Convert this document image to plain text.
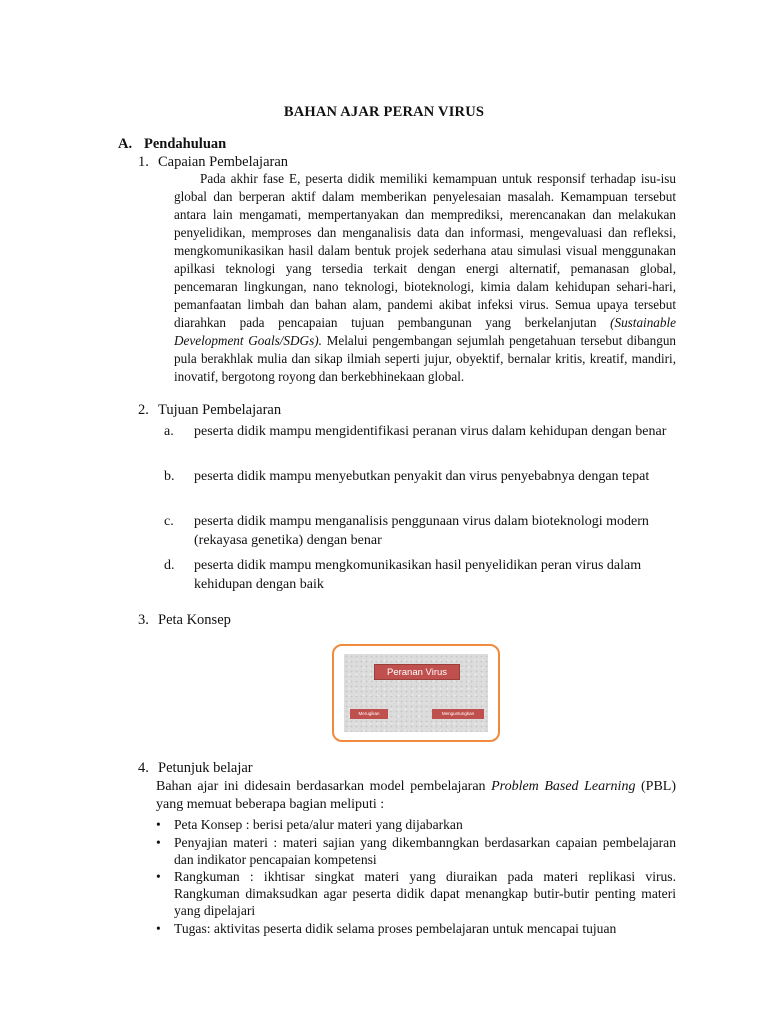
BAHAN AJAR PERAN VIRUS
A. Pendahuluan
1. Capaian Pembelajaran

Pada akhir fase E, peserta didik memiliki kemampuan untuk responsif terhadap isu-isu global dan berperan aktif dalam memberikan penyelesaian masalah. Kemampuan tersebut antara lain mengamati, mempertanyakan dan memprediksi, merencanakan dan melakukan penyelidikan, memproses dan menganalisis data dan informasi, mengevaluasi dan refleksi, mengkomunikasikan hasil dalam bentuk projek sederhana atau simulasi visual menggunakan apilkasi teknologi yang tersedia terkait dengan energi alternatif, pemanasan global, pencemaran lingkungan, nano teknologi, bioteknologi, kimia dalam kehidupan sehari-hari, pemanfaatan limbah dan bahan alam, pandemi akibat infeksi virus. Semua upaya tersebut diarahkan pada pencapaian tujuan pembangunan yang berkelanjutan (Sustainable Development Goals/SDGs). Melalui pengembangan sejumlah pengetahuan tersebut dibangun pula berakhlak mulia dan sikap ilmiah seperti jujur, obyektif, bernalar kritis, kreatif, mandiri, inovatif, bergotong royong dan berkebhinekaan global.

2. Tujuan Pembelajaran
a. peserta didik mampu mengidentifikasi peranan virus dalam kehidupan dengan benar
b. peserta didik mampu menyebutkan penyakit dan virus penyebabnya dengan tepat
c. peserta didik mampu menganalisis penggunaan virus dalam bioteknologi modern (rekayasa genetika) dengan benar
d. peserta didik mampu mengkomunikasikan hasil penyelidikan peran virus dalam kehidupan dengan baik
3. Peta Konsep
Peranan Virus
Merugikan	Menguntungkan
4. Petunjuk belajar
Bahan ajar ini didesain berdasarkan model pembelajaran Problem Based Learning (PBL) yang memuat beberapa bagian meliputi :
• Peta Konsep : berisi peta/alur materi yang dijabarkan
• Penyajian materi : materi sajian yang dikembanngkan berdasarkan capaian pembelajaran dan indikator pencapaian kompetensi
• Rangkuman : ikhtisar singkat materi yang diuraikan pada materi replikasi virus. Rangkuman dimaksudkan agar peserta didik dapat menangkap butir-butir penting materi yang dipelajari
• Tugas: aktivitas peserta didik selama proses pembelajaran untuk mencapai tujuan
